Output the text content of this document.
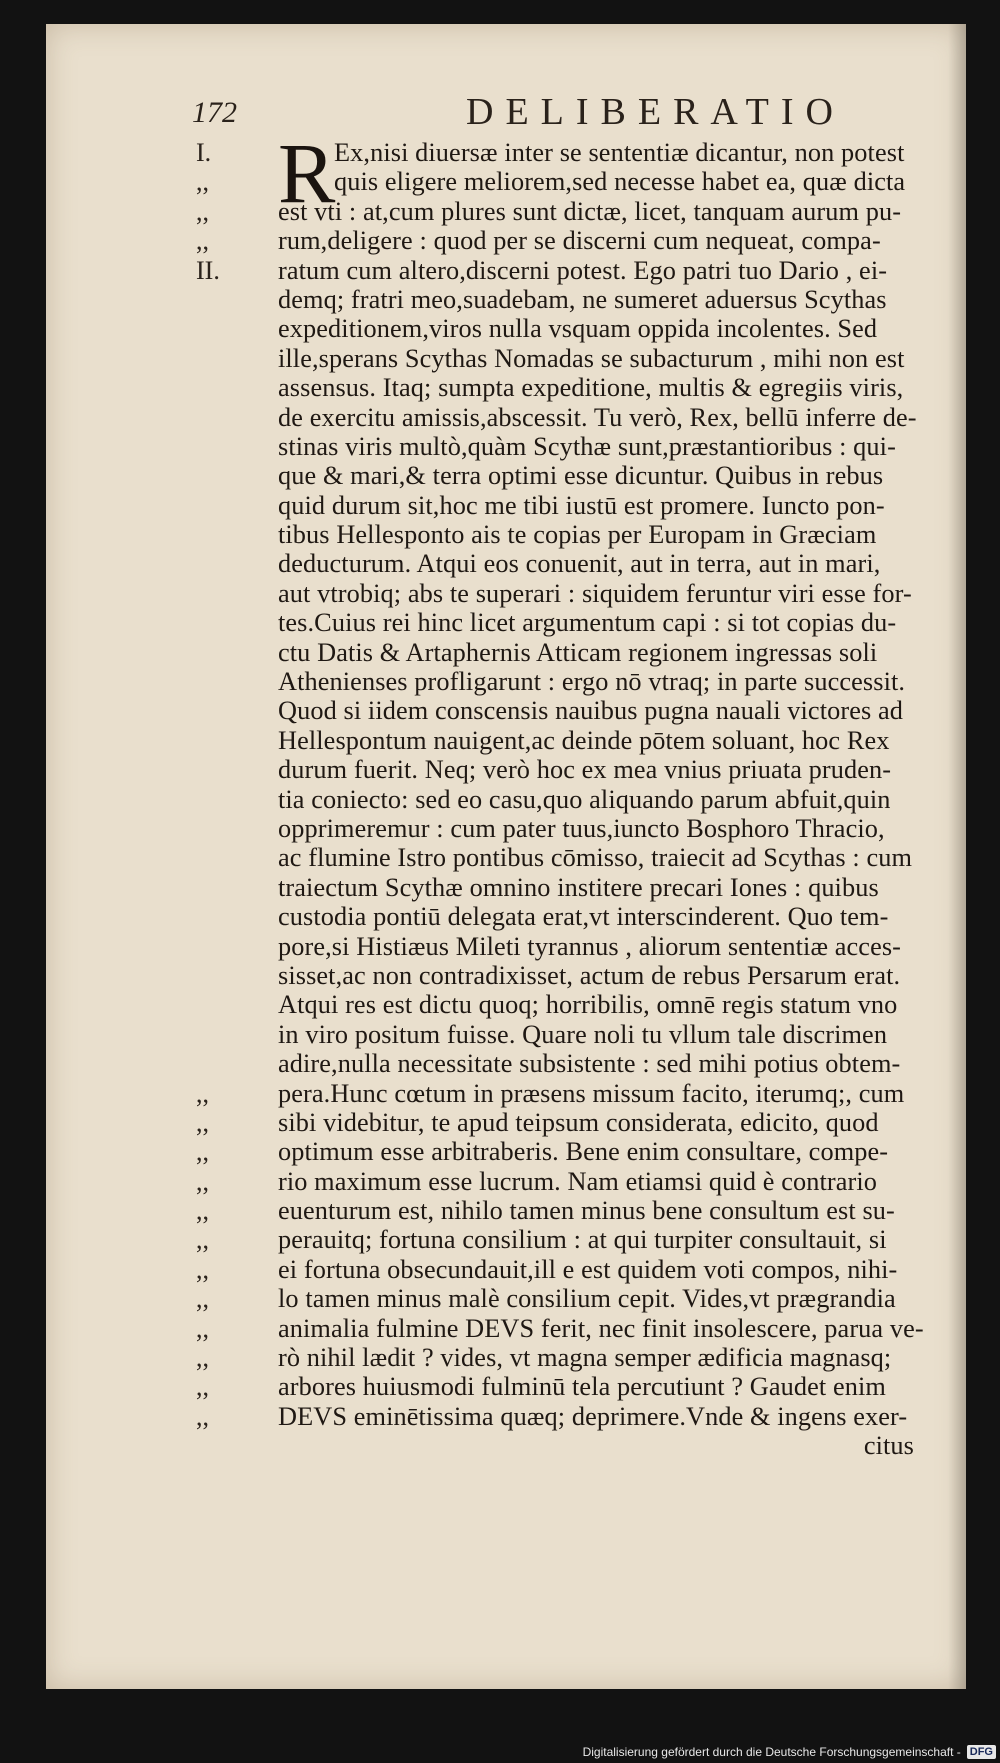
172	DELIBERATIO
R
I.	Ex,nisi diuersæ inter se sententiæ dicantur, non potest
,,	quis eligere meliorem,sed necesse habet ea, quæ dicta
,,	est vti : at,cum plures sunt dictæ, licet, tanquam aurum pu-
,,	rum,deligere : quod per se discerni cum nequeat, compa-
II.	ratum cum altero,discerni potest. Ego patri tuo Dario , ei-
demq; fratri meo,suadebam, ne sumeret aduersus Scythas
expeditionem,viros nulla vsquam oppida incolentes. Sed
ille,sperans Scythas Nomadas se subacturum , mihi non est
assensus. Itaq; sumpta expeditione, multis & egregiis viris,
de exercitu amissis,abscessit. Tu verò, Rex, bellū inferre de-
stinas viris multò,quàm Scythæ sunt,præstantioribus : qui-
que & mari,& terra optimi esse dicuntur. Quibus in rebus
quid durum sit,hoc me tibi iustū est promere. Iuncto pon-
tibus Hellesponto ais te copias per Europam in Græciam
deducturum. Atqui eos conuenit, aut in terra, aut in mari,
aut vtrobiq; abs te superari : siquidem feruntur viri esse for-
tes.Cuius rei hinc licet argumentum capi : si tot copias du-
ctu Datis & Artaphernis Atticam regionem ingressas soli
Athenienses profligarunt : ergo nō vtraq; in parte successit.
Quod si iidem conscensis nauibus pugna nauali victores ad
Hellespontum nauigent,ac deinde pōtem soluant, hoc Rex
durum fuerit. Neq; verò hoc ex mea vnius priuata pruden-
tia coniecto: sed eo casu,quo aliquando parum abfuit,quin
opprimeremur : cum pater tuus,iuncto Bosphoro Thracio,
ac flumine Istro pontibus cōmisso, traiecit ad Scythas : cum
traiectum Scythæ omnino institere precari Iones : quibus
custodia pontiū delegata erat,vt interscinderent. Quo tem-
pore,si Histiæus Mileti tyrannus , aliorum sententiæ acces-
sisset,ac non contradixisset, actum de rebus Persarum erat.
Atqui res est dictu quoq; horribilis, omnē regis statum vno
in viro positum fuisse. Quare noli tu vllum tale discrimen
adire,nulla necessitate subsistente : sed mihi potius obtem-
,,	pera.Hunc cœtum in præsens missum facito, iterumq;, cum
,,	sibi videbitur, te apud teipsum considerata, edicito, quod
,,	optimum esse arbitraberis. Bene enim consultare, compe-
,,	rio maximum esse lucrum. Nam etiamsi quid è contrario
,,	euenturum est, nihilo tamen minus bene consultum est su-
,,	perauitq; fortuna consilium : at qui turpiter consultauit, si
,,	ei fortuna obsecundauit,ill e est quidem voti compos, nihi-
,,	lo tamen minus malè consilium cepit. Vides,vt prægrandia
,,	animalia fulmine DEVS ferit, nec finit insolescere, parua ve-
,,	rò nihil lædit ? vides, vt magna semper ædificia magnasq;
,,	arbores huiusmodi fulminū tela percutiunt ? Gaudet enim
,,	DEVS eminētissima quæq; deprimere.Vnde & ingens exer-
citus
Digitalisierung gefördert durch die Deutsche Forschungsgemeinschaft - DFG
